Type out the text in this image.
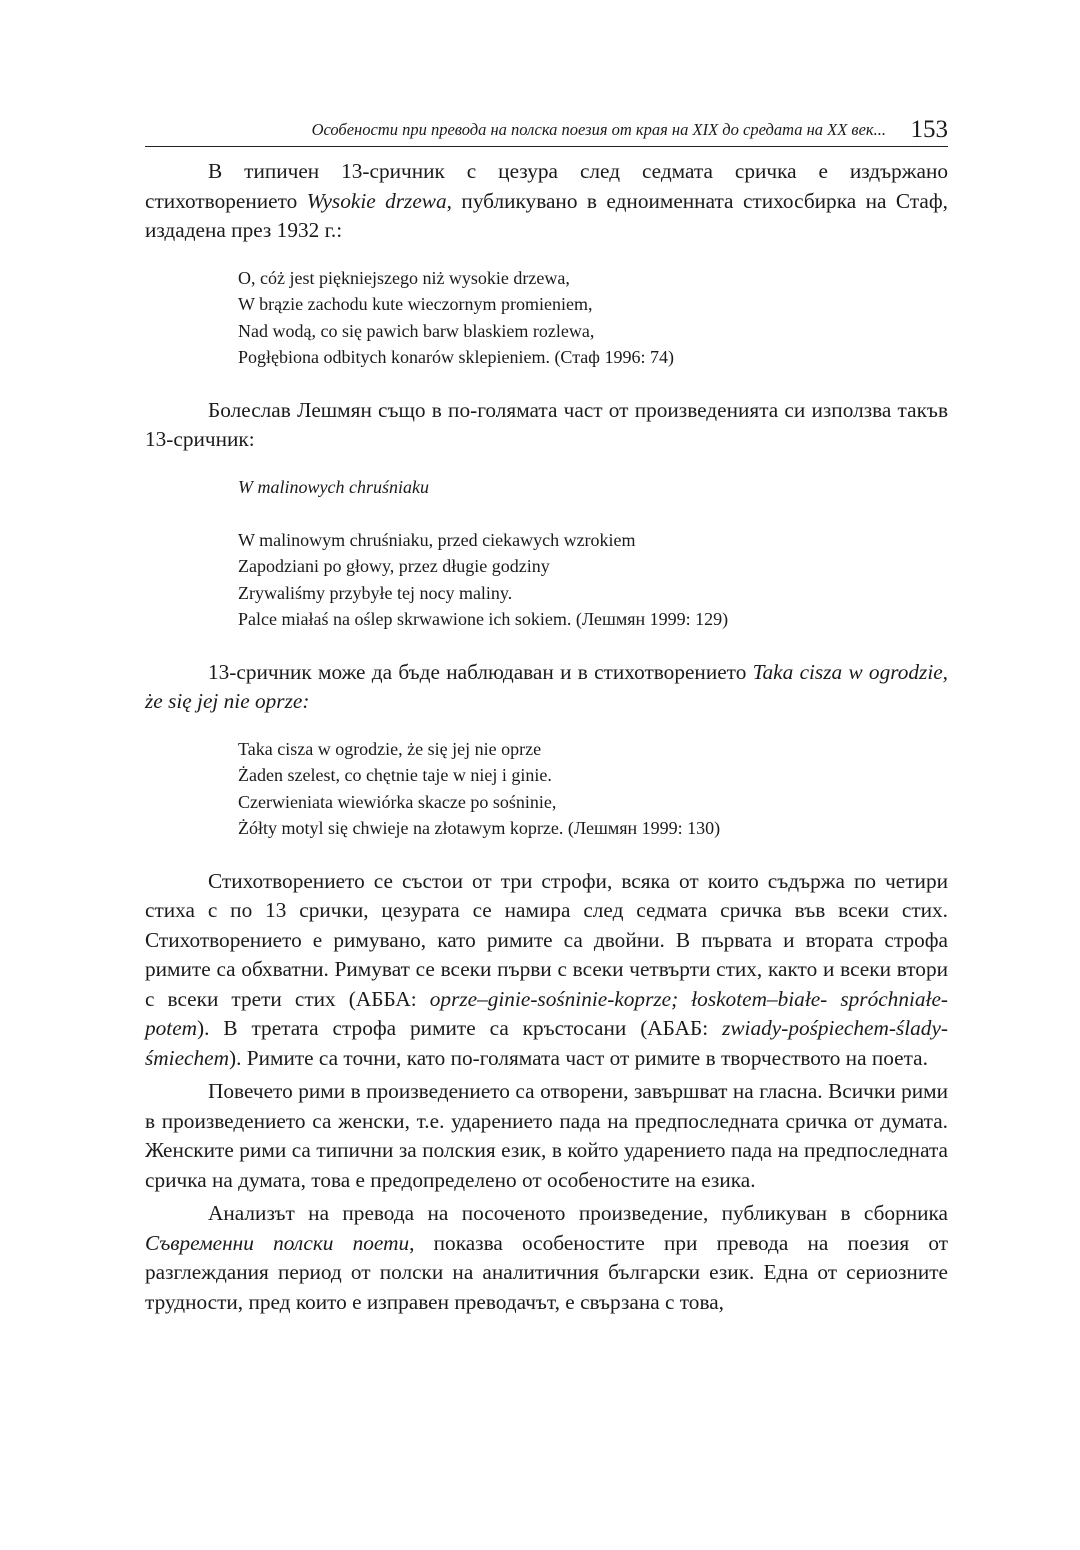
Особености при превода на полска поезия от края на XIX до средата на XX век... 153

В типичен 13-сричник с цезура след седмата сричка е издържано стихотворението Wysokie drzewa, публикувано в едноименната стихосбирка на Стаф, издадена през 1932 г.:

O, cóż jest piękniejszego niż wysokie drzewa,
W brązie zachodu kute wieczornym promieniem,
Nad wodą, co się pawich barw blaskiem rozlewa,
Pogłębiona odbitych konarów sklepieniem. (Стаф 1996: 74)

Болеслав Лешмян също в по-голямата част от произведенията си използва такъв 13-сричник:

W malinowych chruśniaku
W malinowym chruśniaku, przed ciekawych wzrokiem
Zapodziani po głowy, przez długie godziny
Zrywaliśmy przybyłe tej nocy maliny.
Palce miałaś na oślep skrwawione ich sokiem. (Лешмян 1999: 129)

13-сричник може да бъде наблюдаван и в стихотворението Taka cisza w ogrodzie, że się jej nie oprze:

Taka cisza w ogrodzie, że się jej nie oprze
Żaden szelest, co chętnie taje w niej i ginie.
Czerwieniata wiewiórka skacze po sośninie,
Żółty motyl się chwieje na złotawym koprze. (Лешмян 1999: 130)

Стихотворението се състои от три строфи, всяка от които съдържа по четири стиха с по 13 срички, цезурата се намира след седмата сричка във всеки стих. Стихотворението е римувано, като римите са двойни. В първата и втората строфа римите са обхватни. Римуват се всеки първи с всеки четвърти стих, както и всеки втори с всеки трети стих (АББА: oprze–ginie-sośninie-koprze; łoskotem–białe- spróchniałe- potem). В третата строфа римите са кръстосани (АБАБ: zwiady-pośpiechem-ślady-śmiechem). Римите са точни, като по-голямата част от римите в творчеството на поета.

Повечето рими в произведението са отворени, завършват на гласна. Всички рими в произведението са женски, т.е. ударението пада на предпоследната сричка от думата. Женските рими са типични за полския език, в който ударението пада на предпоследната сричка на думата, това е предопределено от особеностите на езика.

Анализът на превода на посоченото произведение, публикуван в сборника Съвременни полски поети, показва особеностите при превода на поезия от разглеждания период от полски на аналитичния български език. Една от сериозните трудности, пред които е изправен преводачът, е свързана с това,
